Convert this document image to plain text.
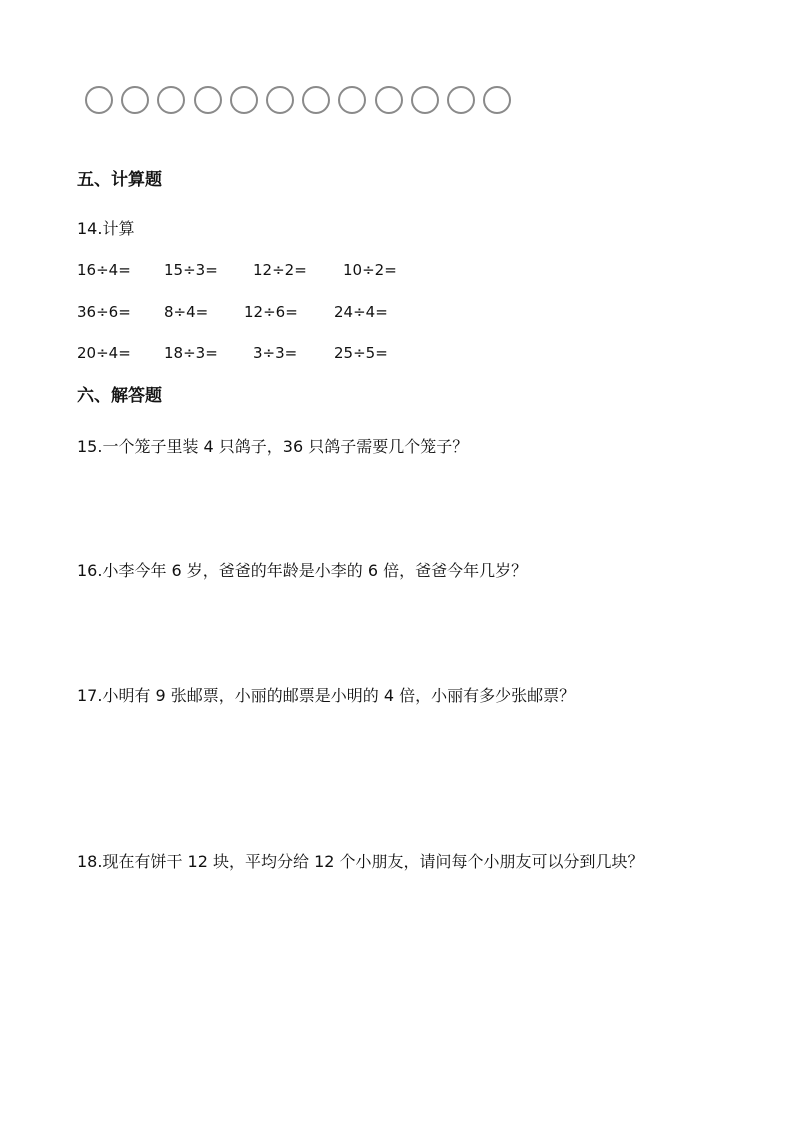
五、计算题
14.计算
16÷4= 15÷3= 12÷2= 10÷2=
36÷6= 8÷4= 12÷6= 24÷4=
20÷4= 18÷3= 3÷3= 25÷5=
六、解答题
15.一个笼子里装 4 只鸽子，36 只鸽子需要几个笼子？
16.小李今年 6 岁，爸爸的年龄是小李的 6 倍，爸爸今年几岁？
17.小明有 9 张邮票，小丽的邮票是小明的 4 倍，小丽有多少张邮票？
18.现在有饼干 12 块，平均分给 12 个小朋友，请问每个小朋友可以分到几块？
